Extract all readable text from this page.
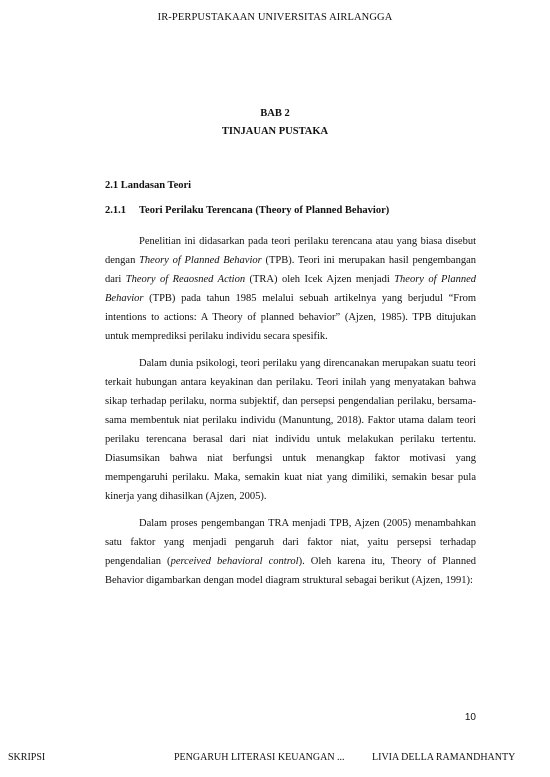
IR-PERPUSTAKAAN UNIVERSITAS AIRLANGGA
BAB 2
TINJAUAN PUSTAKA
2.1 Landasan Teori
2.1.1	Teori Perilaku Terencana (Theory of Planned Behavior)

Penelitian ini didasarkan pada teori perilaku terencana atau yang biasa disebut dengan Theory of Planned Behavior (TPB). Teori ini merupakan hasil pengembangan dari Theory of Reaosned Action (TRA) oleh Icek Ajzen menjadi Theory of Planned Behavior (TPB) pada tahun 1985 melalui sebuah artikelnya yang berjudul “From intentions to actions: A Theory of planned behavior” (Ajzen, 1985). TPB ditujukan untuk memprediksi perilaku individu secara spesifik.

Dalam dunia psikologi, teori perilaku yang direncanakan merupakan suatu teori terkait hubungan antara keyakinan dan perilaku. Teori inilah yang menyatakan bahwa sikap terhadap perilaku, norma subjektif, dan persepsi pengendalian perilaku, bersama-sama membentuk niat perilaku individu (Manuntung, 2018). Faktor utama dalam teori perilaku terencana berasal dari niat individu untuk melakukan perilaku tertentu. Diasumsikan bahwa niat berfungsi untuk menangkap faktor motivasi yang mempengaruhi perilaku. Maka, semakin kuat niat yang dimiliki, semakin besar pula kinerja yang dihasilkan (Ajzen, 2005).

Dalam proses pengembangan TRA menjadi TPB, Ajzen (2005) menambahkan satu faktor yang menjadi pengaruh dari faktor niat, yaitu persepsi terhadap pengendalian (perceived behavioral control). Oleh karena itu, Theory of Planned Behavior digambarkan dengan model diagram struktural sebagai berikut (Ajzen, 1991):

10
SKRIPSI	PENGARUH LITERASI KEUANGAN ...	LIVIA DELLA RAMANDHANTY
